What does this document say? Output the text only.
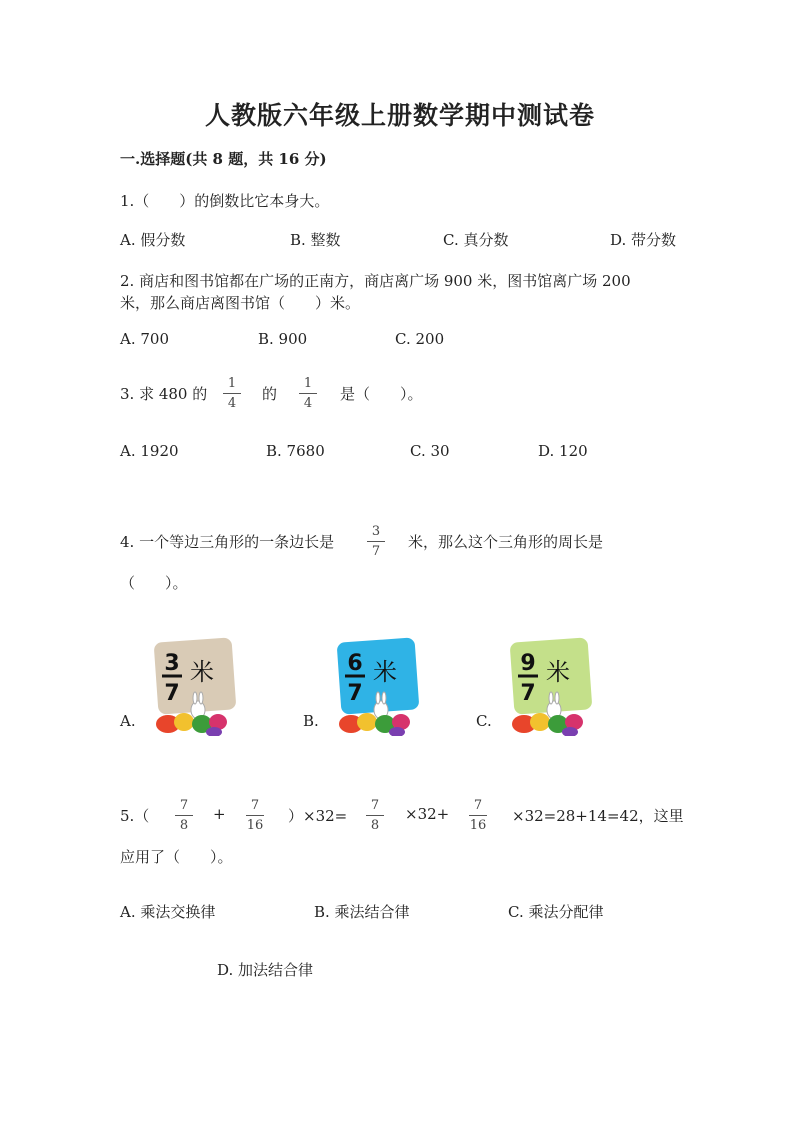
人教版六年级上册数学期中测试卷
一.选择题(共 8 题，共 16 分)
1.（　　）的倒数比它本身大。
A. 假分数	B. 整数	C. 真分数	D. 带分数
2. 商店和图书馆都在广场的正南方，商店离广场 900 米，图书馆离广场 200
米，那么商店离图书馆（　　）米。
A. 700	B. 900	C. 200
3. 求 480 的
1
4
的
1
4
是（　　）。
A. 1920	B. 7680	C. 30	D. 120
4. 一个等边三角形的一条边长是
3
7
米，那么这个三角形的周长是
（　　）。
A.	B.	C.
3
7
米	6
7
米	9
7
米
5.（
7
8
+	7
16
）×32=
7
8
×32+	7
16
×32=28+14=42，这里
应用了（　　）。
A. 乘法交换律	B. 乘法结合律	C. 乘法分配律
D. 加法结合律
